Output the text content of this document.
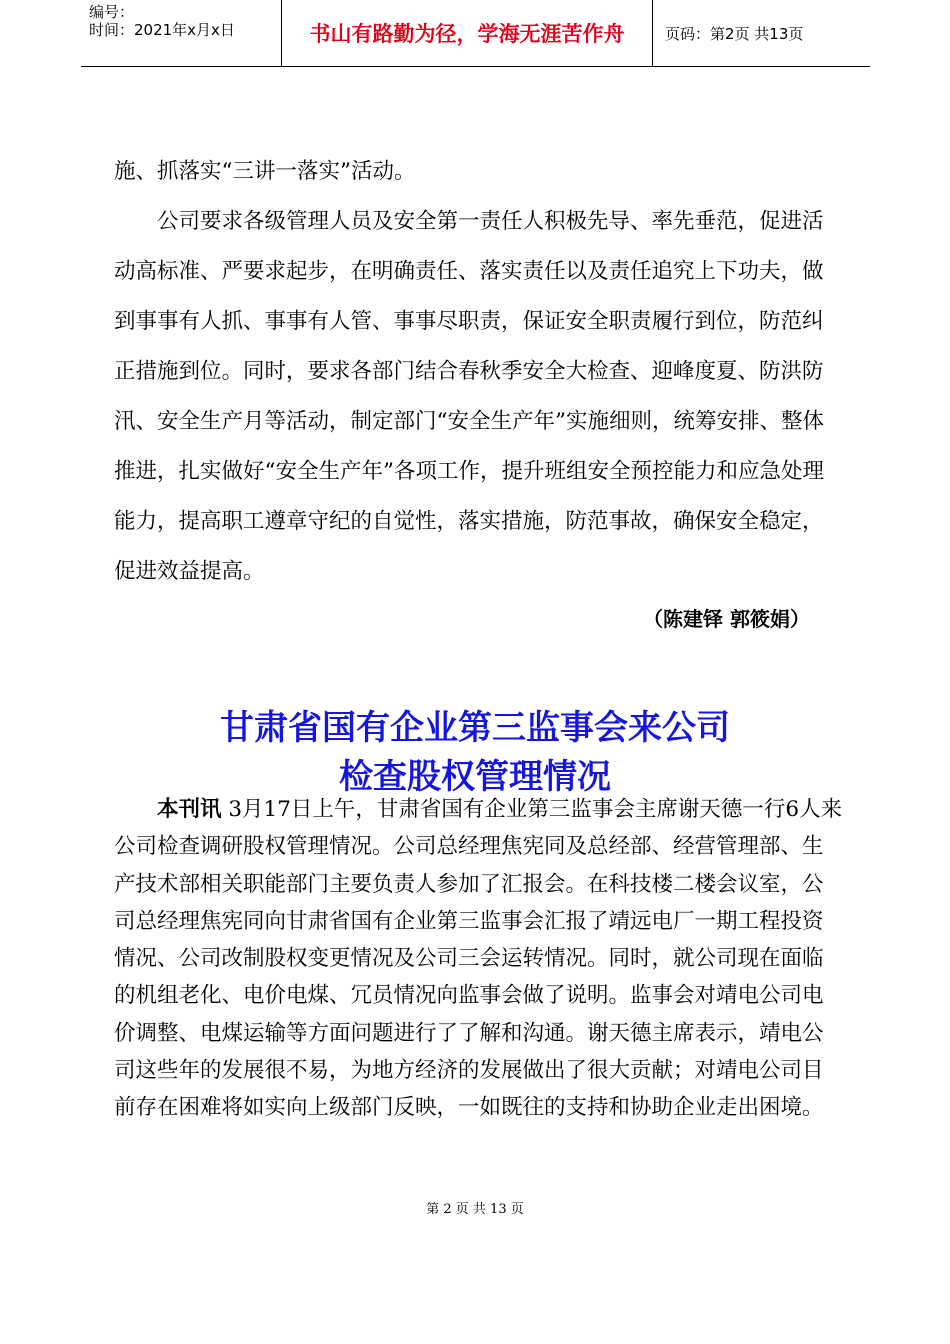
编号：
时间：2021年x月x日	书山有路勤为径，学海无涯苦作舟	页码：第2页 共13页
施、抓落实“三讲一落实”活动。
公司要求各级管理人员及安全第一责任人积极先导、率先垂范，促进活动高标准、严要求起步，在明确责任、落实责任以及责任追究上下功夫，做到事事有人抓、事事有人管、事事尽职责，保证安全职责履行到位，防范纠正措施到位。同时，要求各部门结合春秋季安全大检查、迎峰度夏、防洪防汛、安全生产月等活动，制定部门“安全生产年”实施细则，统筹安排、整体推进，扎实做好“安全生产年”各项工作，提升班组安全预控能力和应急处理能力，提高职工遵章守纪的自觉性，落实措施，防范事故，确保安全稳定，促进效益提高。
（陈建铎 郭筱娟）
甘肃省国有企业第三监事会来公司
检查股权管理情况
本刊讯 3月17日上午，甘肃省国有企业第三监事会主席谢天德一行6人来公司检查调研股权管理情况。公司总经理焦宪同及总经部、经营管理部、生产技术部相关职能部门主要负责人参加了汇报会。在科技楼二楼会议室，公司总经理焦宪同向甘肃省国有企业第三监事会汇报了靖远电厂一期工程投资情况、公司改制股权变更情况及公司三会运转情况。同时，就公司现在面临的机组老化、电价电煤、冗员情况向监事会做了说明。监事会对靖电公司电价调整、电煤运输等方面问题进行了了解和沟通。谢天德主席表示，靖电公司这些年的发展很不易，为地方经济的发展做出了很大贡献；对靖电公司目前存在困难将如实向上级部门反映，一如既往的支持和协助企业走出困境。
第 2 页 共 13 页
